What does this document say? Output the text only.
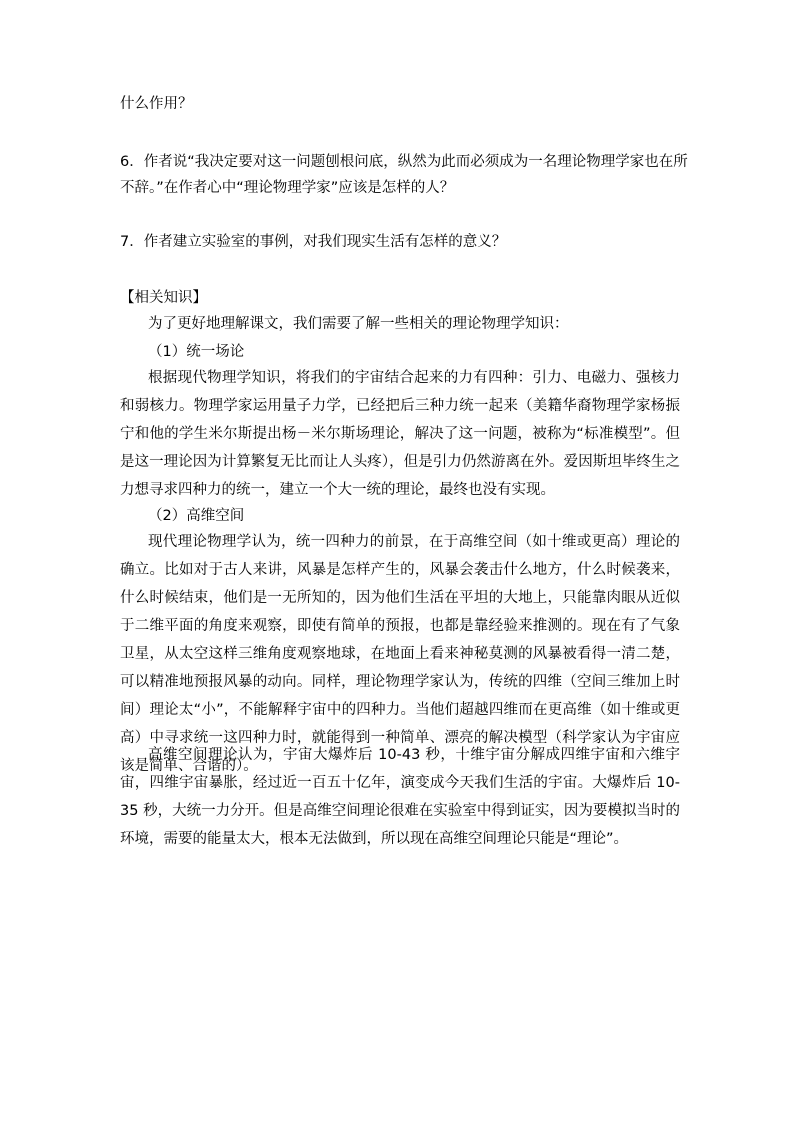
什么作用？
6．作者说“我决定要对这一问题刨根问底，纵然为此而必须成为一名理论物理学家也在所
不辞。”在作者心中“理论物理学家”应该是怎样的人？
7．作者建立实验室的事例，对我们现实生活有怎样的意义？
【相关知识】
为了更好地理解课文，我们需要了解一些相关的理论物理学知识：
（1）统一场论
根据现代物理学知识，将我们的宇宙结合起来的力有四种：引力、电磁力、强核力和弱核力。物理学家运用量子力学，已经把后三种力统一起来（美籍华裔物理学家杨振宁和他的学生米尔斯提出杨－米尔斯场理论，解决了这一问题，被称为“标准模型”。但是这一理论因为计算繁复无比而让人头疼），但是引力仍然游离在外。爱因斯坦毕终生之力想寻求四种力的统一，建立一个大一统的理论，最终也没有实现。
（2）高维空间
现代理论物理学认为，统一四种力的前景，在于高维空间（如十维或更高）理论的确立。比如对于古人来讲，风暴是怎样产生的，风暴会袭击什么地方，什么时候袭来，什么时候结束，他们是一无所知的，因为他们生活在平坦的大地上，只能靠肉眼从近似于二维平面的角度来观察，即使有简单的预报，也都是靠经验来推测的。现在有了气象卫星，从太空这样三维角度观察地球，在地面上看来神秘莫测的风暴被看得一清二楚，可以精准地预报风暴的动向。同样，理论物理学家认为，传统的四维（空间三维加上时间）理论太“小”，不能解释宇宙中的四种力。当他们超越四维而在更高维（如十维或更高）中寻求统一这四种力时，就能得到一种简单、漂亮的解决模型（科学家认为宇宙应该是简单、合谐的）。
高维空间理论认为，宇宙大爆炸后 10-43 秒，十维宇宙分解成四维宇宙和六维宇宙，四维宇宙暴胀，经过近一百五十亿年，演变成今天我们生活的宇宙。大爆炸后 10-35 秒，大统一力分开。但是高维空间理论很难在实验室中得到证实，因为要模拟当时的环境，需要的能量太大，根本无法做到，所以现在高维空间理论只能是“理论”。
